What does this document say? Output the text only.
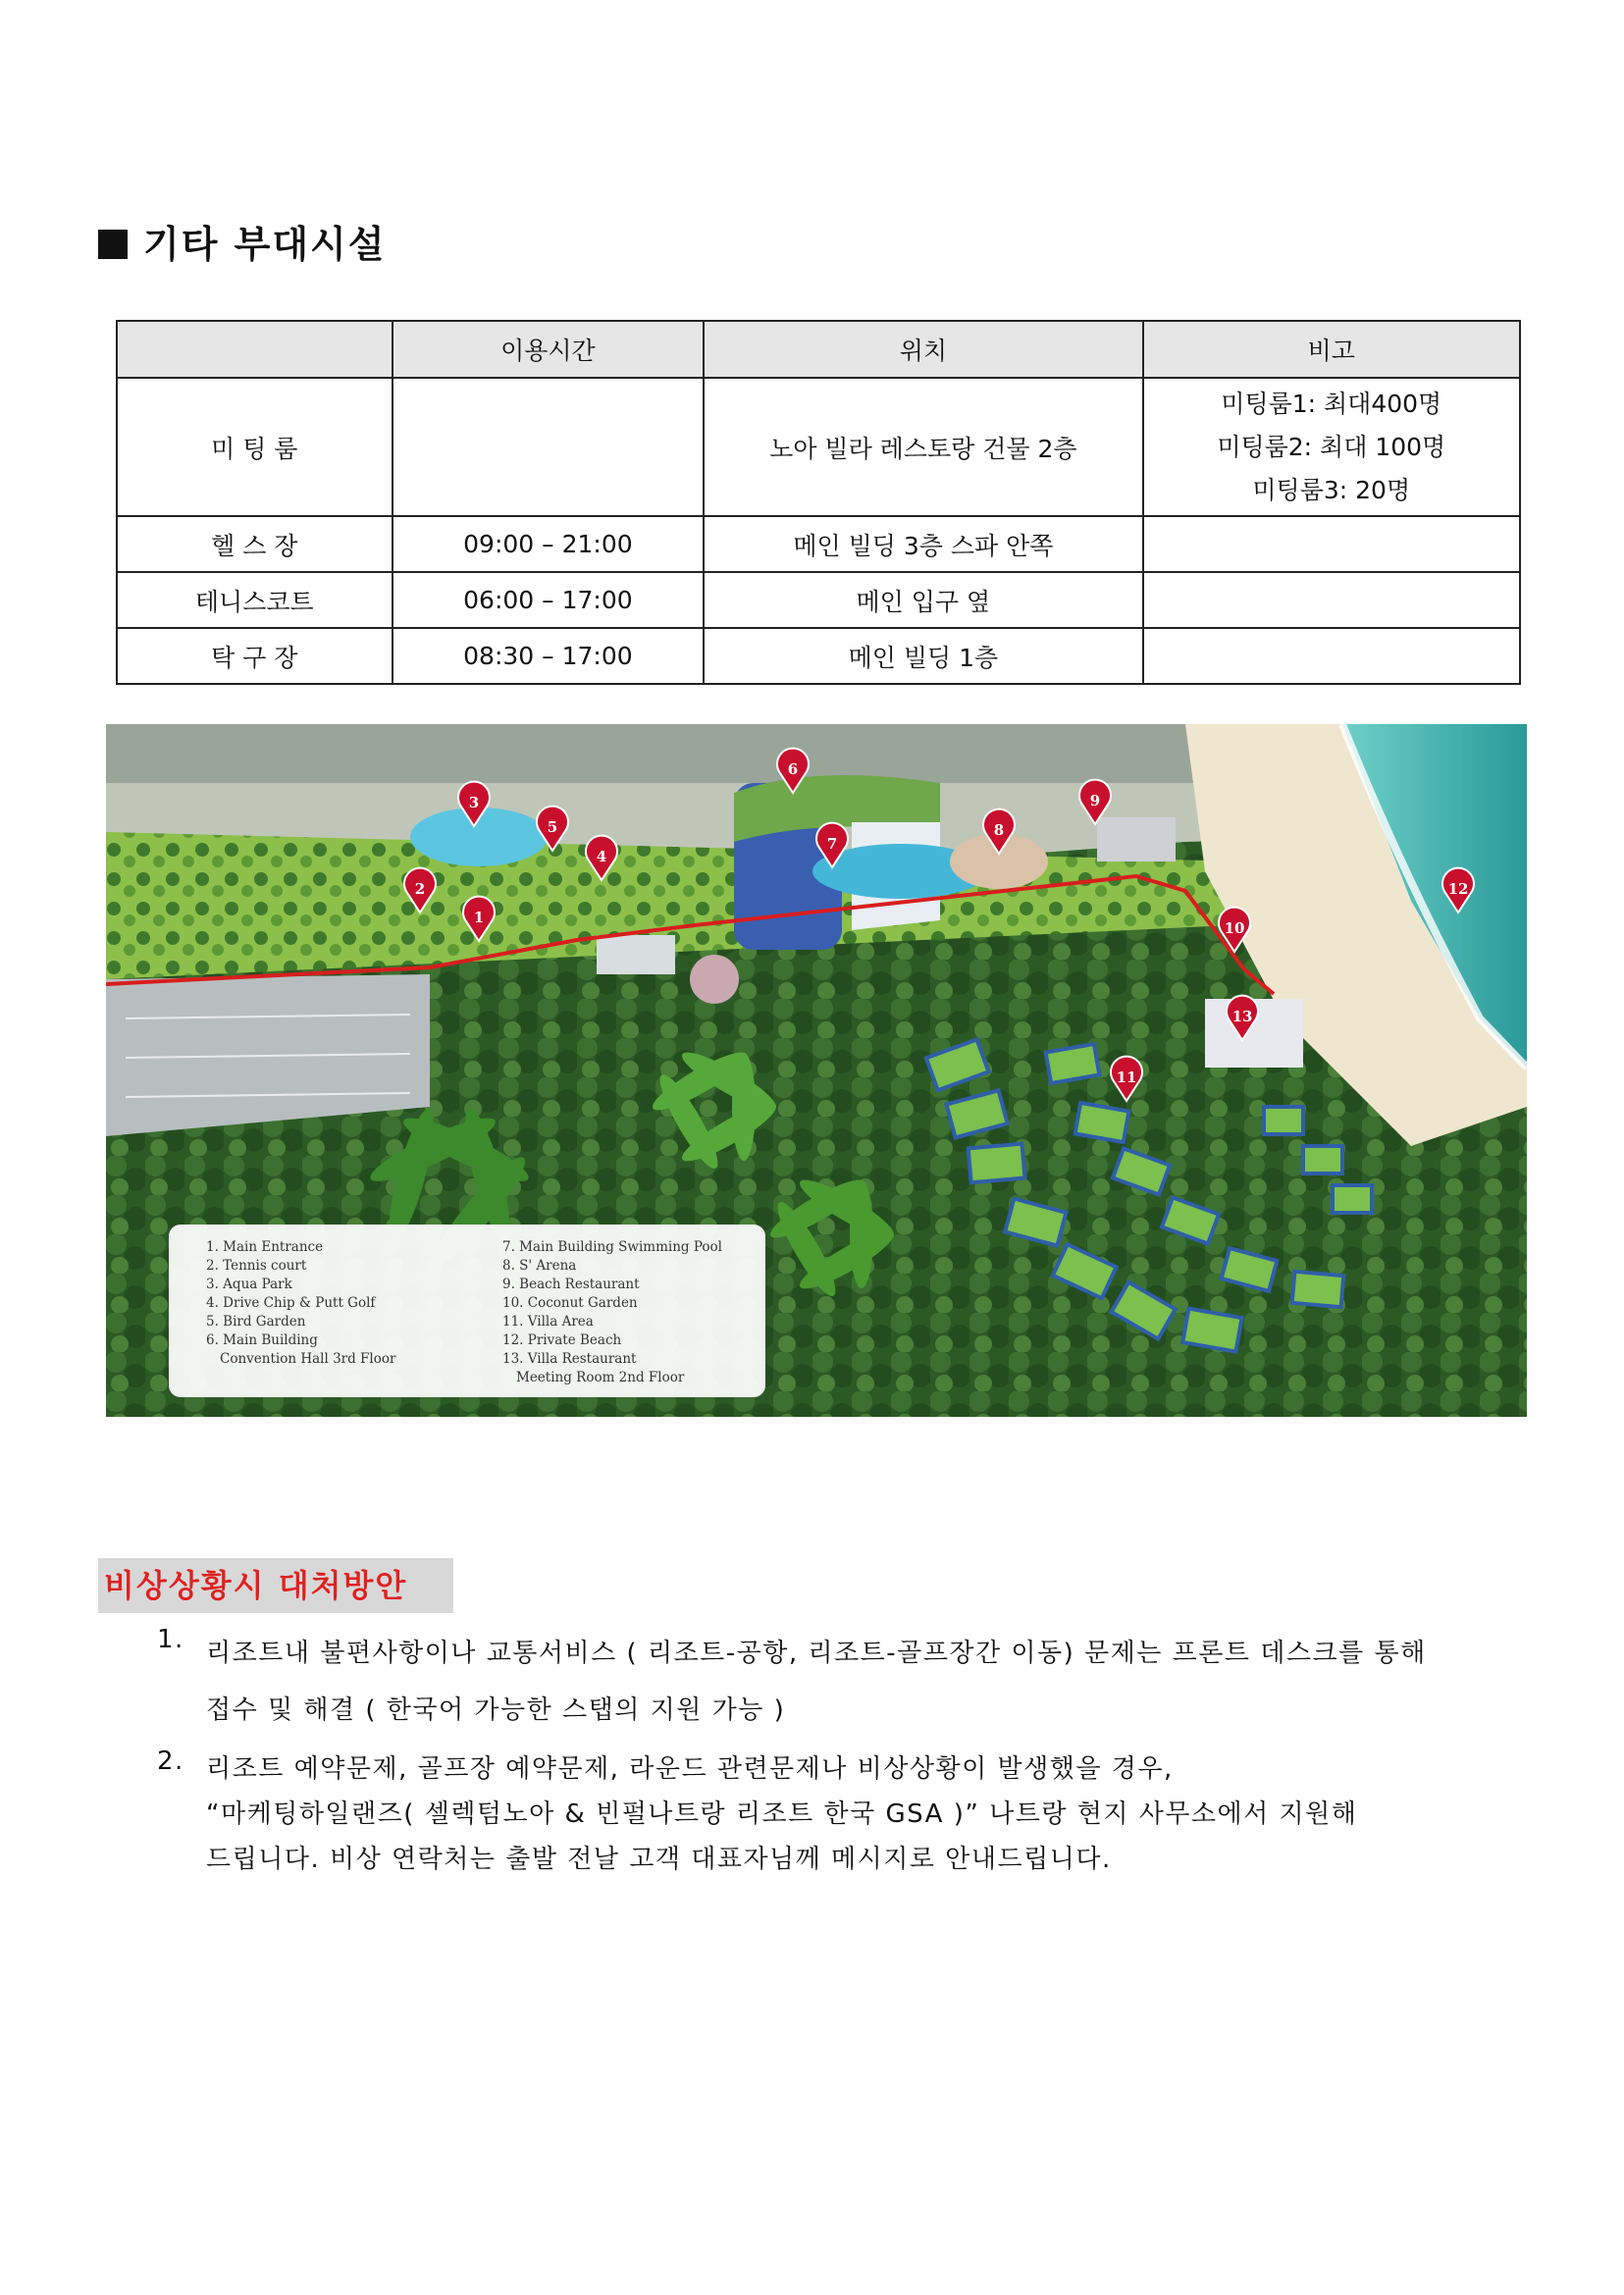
기타 부대시설
	이용시간	위치	비고
미 팅 룸		노아 빌라 레스토랑 건물 2층	미팅룸1: 최대400명
미팅룸2: 최대 100명
미팅룸3: 20명

헬 스 장	09:00 – 21:00	메인 빌딩 3층 스파 안쪽	
테니스코트	06:00 – 17:00	메인 입구 옆	
탁 구 장	08:30 – 17:00	메인 빌딩 1층	
1
2
3
4
5
6
7
8
9
10
11
12
13
1. Main Entrance
2. Tennis court
3. Aqua Park
4. Drive Chip & Putt Golf
5. Bird Garden
6. Main Building
Convention Hall 3rd Floor
7. Main Building Swimming Pool
8. S' Arena
9. Beach Restaurant
10. Coconut Garden
11. Villa Area
12. Private Beach
13. Villa Restaurant
Meeting Room 2nd Floor
비상상황시 대처방안
1. 리조트내 불편사항이나 교통서비스 ( 리조트-공항, 리조트-골프장간 이동) 문제는 프론트 데스크를 통해
접수 및 해결 ( 한국어 가능한 스탭의 지원 가능 )
2. 리조트 예약문제, 골프장 예약문제, 라운드 관련문제나 비상상황이 발생했을 경우,
“마케팅하일랜즈( 셀렉텀노아 & 빈펄나트랑 리조트 한국 GSA )” 나트랑 현지 사무소에서 지원해
드립니다. 비상 연락처는 출발 전날 고객 대표자님께 메시지로 안내드립니다.
